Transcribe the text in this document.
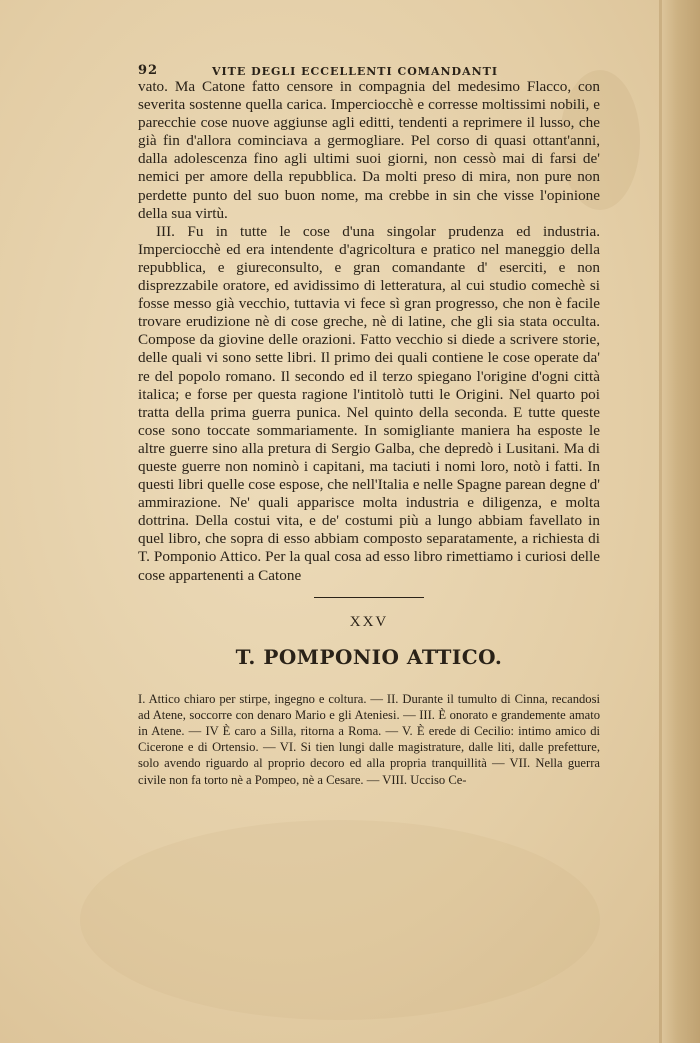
92	VITE DEGLI ECCELLENTI COMANDANTI

vato. Ma Catone fatto censore in compagnia del medesimo Flacco, con severita sostenne quella carica. Imperciocchè e corresse moltissimi nobili, e parecchie cose nuove aggiunse agli editti, tendenti a reprimere il lusso, che già fin d'allora cominciava a germogliare. Pel corso di quasi ottant'anni, dalla adolescenza fino agli ultimi suoi giorni, non cessò mai di farsi de' nemici per amore della repubblica. Da molti preso di mira, non pure non perdette punto del suo buon nome, ma crebbe in sin che visse l'opinione della sua virtù.

III. Fu in tutte le cose d'una singolar prudenza ed industria. Imperciocchè ed era intendente d'agricoltura e pratico nel maneggio della repubblica, e giureconsulto, e gran comandante d' eserciti, e non disprezzabile oratore, ed avidissimo di letteratura, al cui studio comechè si fosse messo già vecchio, tuttavia vi fece sì gran progresso, che non è facile trovare erudizione nè di cose greche, nè di latine, che gli sia stata occulta. Compose da giovine delle orazioni. Fatto vecchio si diede a scrivere storie, delle quali vi sono sette libri. Il primo dei quali contiene le cose operate da' re del popolo romano. Il secondo ed il terzo spiegano l'origine d'ogni città italica; e forse per questa ragione l'intitolò tutti le Origini. Nel quarto poi tratta della prima guerra punica. Nel quinto della seconda. E tutte queste cose sono toccate sommariamente. In somigliante maniera ha esposte le altre guerre sino alla pretura di Sergio Galba, che depredò i Lusitani. Ma di queste guerre non nominò i capitani, ma taciuti i nomi loro, notò i fatti. In questi libri quelle cose espose, che nell'Italia e nelle Spagne parean degne d' ammirazione. Ne' quali apparisce molta industria e diligenza, e molta dottrina. Della costui vita, e de' costumi più a lungo abbiam favellato in quel libro, che sopra di esso abbiam composto separatamente, a richiesta di T. Pomponio Attico. Per la qual cosa ad esso libro rimettiamo i curiosi delle cose appartenenti a Catone

XXV
T. POMPONIO ATTICO.

I. Attico chiaro per stirpe, ingegno e coltura. — II. Durante il tumulto di Cinna, recandosi ad Atene, soccorre con denaro Mario e gli Ateniesi. — III. È onorato e grandemente amato in Atene. — IV È caro a Silla, ritorna a Roma. — V. È erede di Cecilio: intimo amico di Cicerone e di Ortensio. — VI. Si tien lungi dalle magistrature, dalle liti, dalle prefetture, solo avendo riguardo al proprio decoro ed alla propria tranquillità — VII. Nella guerra civile non fa torto nè a Pompeo, nè a Cesare. — VIII. Ucciso Ce-
